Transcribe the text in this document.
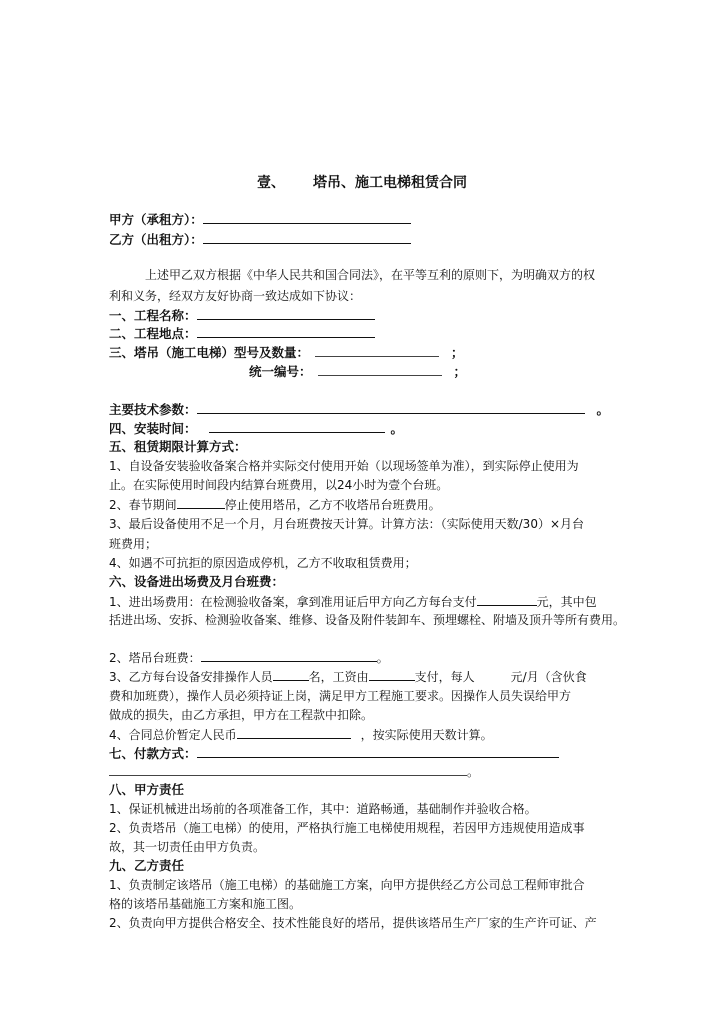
壹、 塔吊、施工电梯租赁合同
甲方（承租方）：
乙方（出租方）：
上述甲乙双方根据《中华人民共和国合同法》，在平等互利的原则下，为明确双方的权
利和义务，经双方友好协商一致达成如下协议：
一、工程名称：
二、工程地点：
三、塔吊（施工电梯）型号及数量：	；
统一编号：	；
主要技术参数：	。
四、安装时间：	。
五、租赁期限计算方式：
1、自设备安装验收备案合格并实际交付使用开始（以现场签单为准），到实际停止使用为
止。在实际使用时间段内结算台班费用，以24小时为壹个台班。
2、春节期间	停止使用塔吊，乙方不收塔吊台班费用。
3、最后设备使用不足一个月，月台班费按天计算。计算方法：（实际使用天数/30）×月台
班费用；
4、如遇不可抗拒的原因造成停机，乙方不收取租赁费用；
六、设备进出场费及月台班费：
1、进出场费用：在检测验收备案，拿到准用证后甲方向乙方每台支付	元，其中包
括进出场、安拆、检测验收备案、维修、设备及附件装卸车、预埋螺栓、附墙及顶升等所有费用。
2、塔吊台班费：	。
3、乙方每台设备安排操作人员	名，工资由	支付，每人	元/月（含伙食
费和加班费），操作人员必须持证上岗，满足甲方工程施工要求。因操作人员失误给甲方
做成的损失，由乙方承担，甲方在工程款中扣除。
4、合同总价暂定人民币	，按实际使用天数计算。
七、付款方式：
。
八、甲方责任
1、保证机械进出场前的各项准备工作，其中：道路畅通，基础制作并验收合格。
2、负责塔吊（施工电梯）的使用，严格执行施工电梯使用规程，若因甲方违规使用造成事
故，其一切责任由甲方负责。
九、乙方责任
1、负责制定该塔吊（施工电梯）的基础施工方案，向甲方提供经乙方公司总工程师审批合
格的该塔吊基础施工方案和施工图。
2、负责向甲方提供合格安全、技术性能良好的塔吊，提供该塔吊生产厂家的生产许可证、产
